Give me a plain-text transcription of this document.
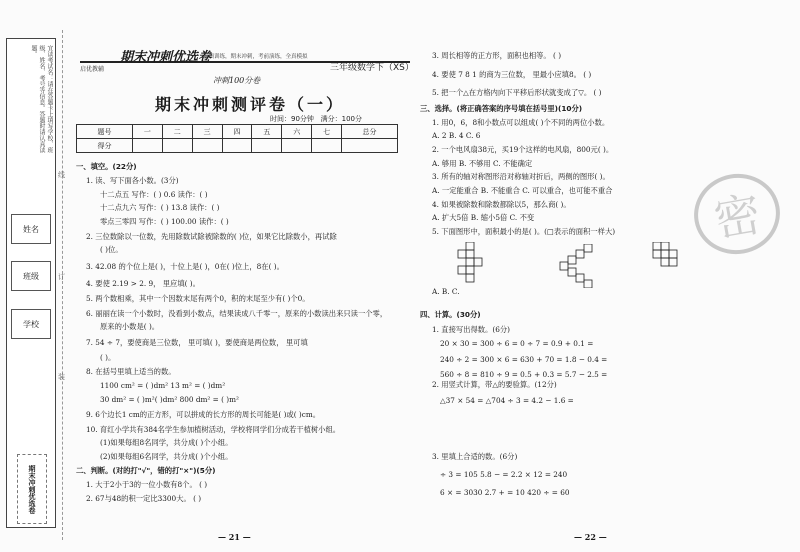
宜读考试名：请在答题卡上填写学校、班级、姓名、考号等信息。答题时请认真读题。
姓名
班级
学校
期末冲刺优选卷
线
订
装
期末冲刺优选卷
启优教辅
专项训练，期末冲刺，考前演练，全真模拟
三年级数学下（XS）
冲刺100分卷
期末冲刺测评卷（一）
时间：90分钟 满分：100分
题号	一	二	三	四	五	六	七	总分
得分								
一、填空。(22分)
1. 读、写下面各小数。(3分)
十二点五 写作：( ) 0.6 读作：( )
十二点九六 写作：( ) 13.8 读作：( )
零点三零四 写作：( ) 100.00 读作：( )
2. 三位数除以一位数，先用除数试除被除数的( )位，如果它比除数小，再试除
( )位。
3. 42.08 的个位上是( )，十位上是( )，0在( )位上，8在( )。
4. 要使 2.19 > 2. 9， 里应填( )。
5. 两个数相乘，其中一个因数末尾有两个0，积的末尾至少有( )个0。
6. 丽丽在读一个小数时，没看到小数点，结果读成八千零一，原来的小数读出来只读一个零，
原来的小数是( )。
7. 54 ÷ 7，要使商是三位数， 里可填( )，要使商是两位数， 里可填
( )。
8. 在括号里填上适当的数。
1100 cm² = ( )dm² 13 m² = ( )dm²
30 dm² = ( )m²( )dm² 800 dm² = ( )m²
9. 6个边长1 cm的正方形，可以拼成的长方形的周长可能是( )或( )cm。
10. 育红小学共有384名学生参加植树活动，学校将同学们分成若干植树小组。
(1)如果每组8名同学，共分成( )个小组。
(2)如果每组6名同学，共分成( )个小组。
二、判断。(对的打"√"，错的打"×")(5分)
1. 大于2小于3的一位小数有8个。 ( )
2. 67与48的积一定比3300大。 ( )
3. 周长相等的正方形，面积也相等。 ( )
4. 要使 7 8 1 的商为三位数， 里最小应填8。 ( )
5. 把一个△在方格内向下平移后形状就变成了▽。 ( )
三、选择。(将正确答案的序号填在括号里)(10分)
1. 用0，6，8和小数点可以组成( )个不同的两位小数。
A. 2 B. 4 C. 6
2. 一个电风扇38元，买19个这样的电风扇，800元( )。
A. 够用 B. 不够用 C. 不能确定
3. 所有的轴对称图形沿对称轴对折后，两侧的图形( )。
A. 一定能重合 B. 不能重合 C. 可以重合，也可能不重合
4. 如果被除数和除数都除以5，那么商( )。
A. 扩大5倍 B. 缩小5倍 C. 不变
5. 下面图形中，面积最小的是( )。(□表示的面积一样大)
A. B. C.
四、计算。(30分)
1. 直接写出得数。(6分)
20 × 30 = 300 ÷ 6 = 0 ÷ 7 = 0.9 + 0.1 =
240 ÷ 2 = 300 × 6 = 630 + 70 = 1.8 − 0.4 =
560 ÷ 8 = 810 ÷ 9 = 0.5 + 0.3 = 5.7 − 2.5 =
2. 用竖式计算，带△的要验算。(12分)
△37 × 54 = △704 ÷ 3 = 4.2 − 1.6 =
3. 里填上合适的数。(6分)
÷ 3 = 105 5.8 − = 2.2 × 12 = 240
6 × = 3030 2.7 + = 10 420 ÷ = 60
密
— 21 —	— 22 —
